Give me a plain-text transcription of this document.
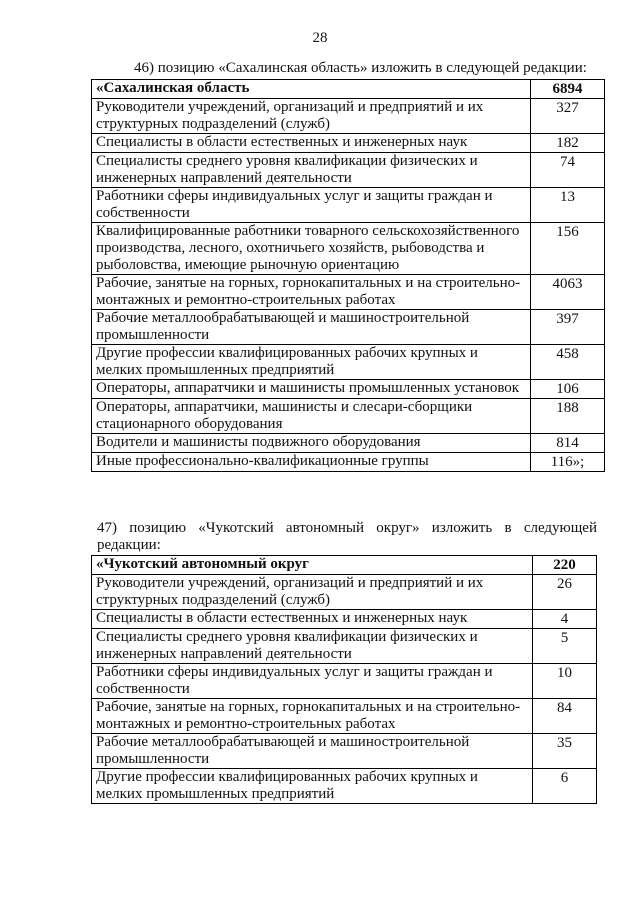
28
46) позицию «Сахалинская область» изложить в следующей редакции:
«Сахалинская область	6894
Руководители учреждений, организаций и предприятий и их структурных подразделений (служб)	327
Специалисты в области естественных и инженерных наук	182
Специалисты среднего уровня квалификации физических и инженерных направлений деятельности	74
Работники сферы индивидуальных услуг и защиты граждан и собственности	13
Квалифицированные работники товарного сельскохозяйственного производства, лесного, охотничьего хозяйств, рыбоводства и рыболовства, имеющие рыночную ориентацию	156
Рабочие, занятые на горных, горнокапитальных и на строительно-монтажных и ремонтно-строительных работах	4063
Рабочие металлообрабатывающей и машиностроительной промышленности	397
Другие профессии квалифицированных рабочих крупных и мелких промышленных предприятий	458
Операторы, аппаратчики и машинисты промышленных установок	106
Операторы, аппаратчики, машинисты и слесари-сборщики стационарного оборудования	188
Водители и машинисты подвижного оборудования	814
Иные профессионально-квалификационные группы	116»;
47) позицию «Чукотский автономный округ» изложить в следующей редакции:
«Чукотский автономный округ	220
Руководители учреждений, организаций и предприятий и их структурных подразделений (служб)	26
Специалисты в области естественных и инженерных наук	4
Специалисты среднего уровня квалификации физических и инженерных направлений деятельности	5
Работники сферы индивидуальных услуг и защиты граждан и собственности	10
Рабочие, занятые на горных, горнокапитальных и на строительно-монтажных и ремонтно-строительных работах	84
Рабочие металлообрабатывающей и машиностроительной промышленности	35
Другие профессии квалифицированных рабочих крупных и мелких промышленных предприятий	6
